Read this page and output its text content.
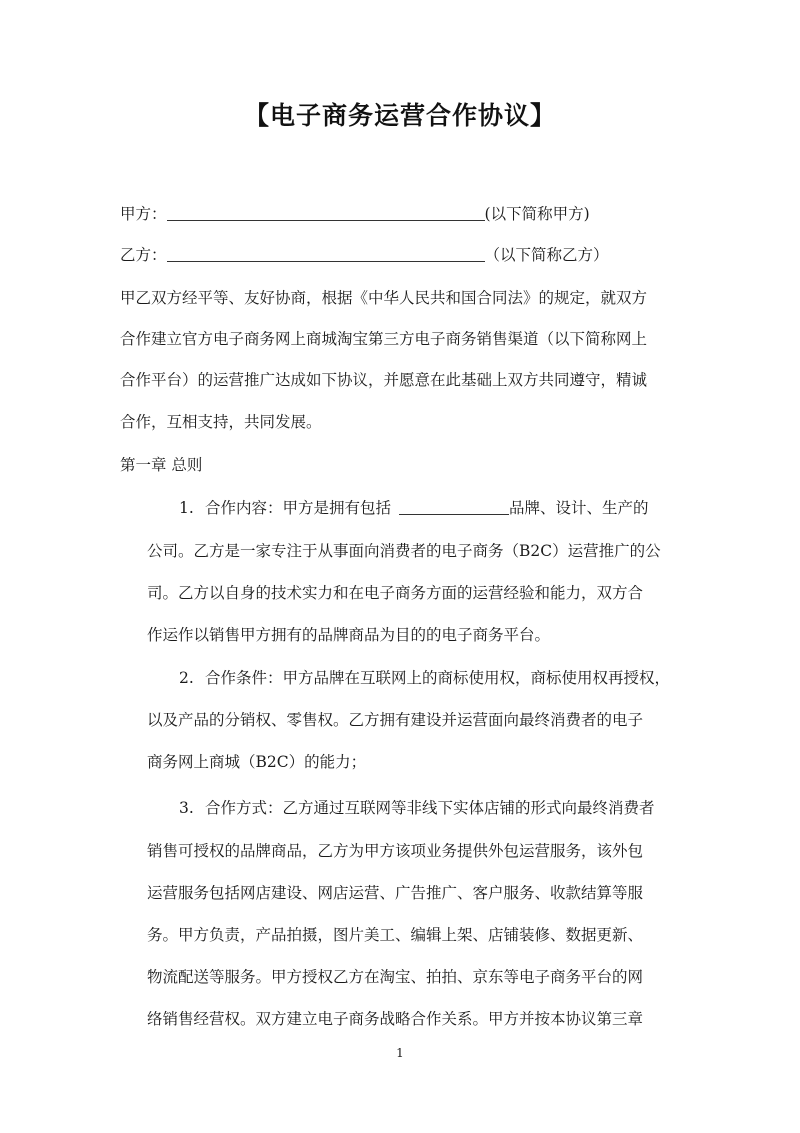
【电子商务运营合作协议】
甲方：	(以下简称甲方)
乙方：	（以下简称乙方）
甲乙双方经平等、友好协商，根据《中华人民共和国合同法》的规定，就双方
合作建立官方电子商务网上商城淘宝第三方电子商务销售渠道（以下简称网上
合作平台）的运营推广达成如下协议，并愿意在此基础上双方共同遵守，精诚
合作，互相支持，共同发展。
第一章 总则
1. 合作内容：甲方是拥有包括	品牌、设计、生产的
公司。乙方是一家专注于从事面向消费者的电子商务（B2C）运营推广的公
司。乙方以自身的技术实力和在电子商务方面的运营经验和能力，双方合
作运作以销售甲方拥有的品牌商品为目的的电子商务平台。
2. 合作条件：甲方品牌在互联网上的商标使用权，商标使用权再授权，
以及产品的分销权、零售权。乙方拥有建设并运营面向最终消费者的电子
商务网上商城（B2C）的能力；
3. 合作方式：乙方通过互联网等非线下实体店铺的形式向最终消费者
销售可授权的品牌商品，乙方为甲方该项业务提供外包运营服务，该外包
运营服务包括网店建设、网店运营、广告推广、客户服务、收款结算等服
务。甲方负责，产品拍摄，图片美工、编辑上架、店铺装修、数据更新、
物流配送等服务。甲方授权乙方在淘宝、拍拍、京东等电子商务平台的网
络销售经营权。双方建立电子商务战略合作关系。甲方并按本协议第三章
1
